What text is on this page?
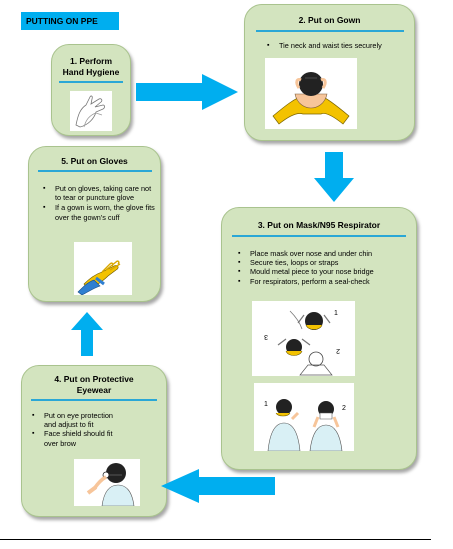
PUTTING ON PPE
1. Perform
Hand Hygiene
2. Put on Gown
▪ Tie neck and waist ties securely
3. Put on Mask/N95 Respirator
▪ Place mask over nose and under chin
▪ Secure ties, loops or straps
▪ Mould metal piece to your nose bridge
▪ For respirators, perform a seal-check
1
2
3
1
2
4. Put on Protective
Eyewear
▪ Put on eye protection and adjust to fit
▪ Face shield should fit over brow
5. Put on Gloves
▪ Put on gloves, taking care not to tear or puncture glove
▪ If a gown is worn, the glove fits over the gown's cuff
